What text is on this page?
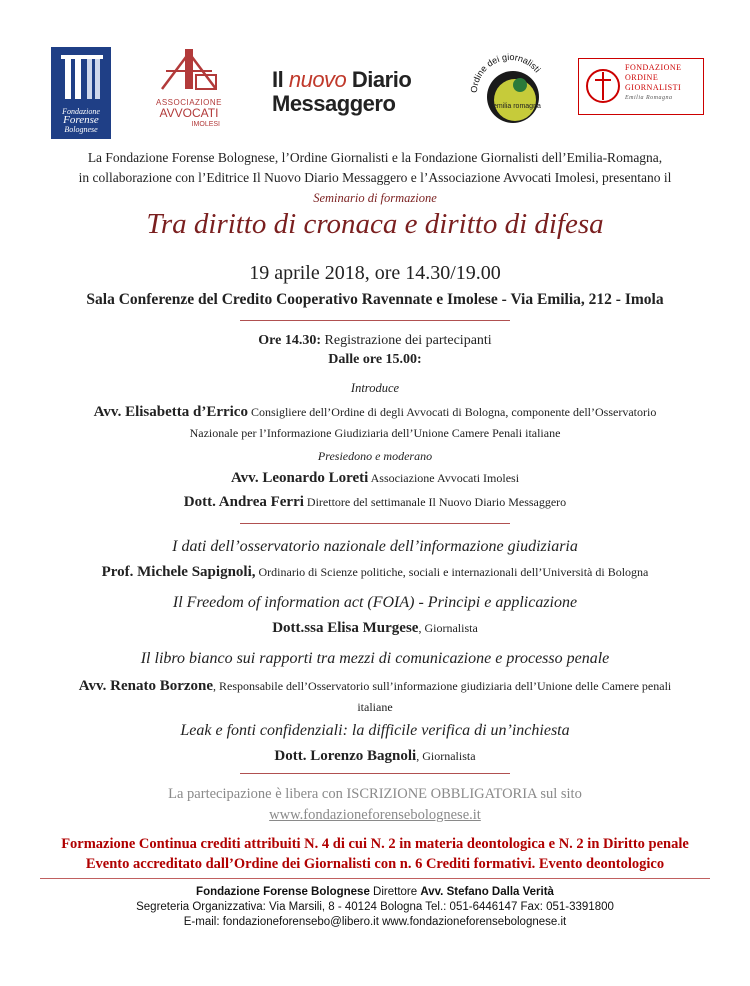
Fondazione
Forense
Bolognese
ASSOCIAZIONE
AVVOCATI
IMOLESI
Il nuovo Diario
Messaggero
Ordine dei giornalisti
emilia romagna
FONDAZIONE
ORDINE
GIORNALISTI
Emilia Romagna
La Fondazione Forense Bolognese, l’Ordine Giornalisti e la Fondazione Giornalisti dell’Emilia-Romagna,
in collaborazione con l’Editrice Il Nuovo Diario Messaggero e l’Associazione Avvocati Imolesi, presentano il
Seminario di formazione
Tra diritto di cronaca e diritto di difesa
19 aprile 2018, ore 14.30/19.00
Sala Conferenze del Credito Cooperativo Ravennate e Imolese - Via Emilia, 212 - Imola
Ore 14.30: Registrazione dei partecipanti
Dalle ore 15.00:
Introduce
Avv. Elisabetta d’Errico Consigliere dell’Ordine di degli Avvocati di Bologna, componente dell’Osservatorio
Nazionale per l’Informazione Giudiziaria dell’Unione Camere Penali italiane
Presiedono e moderano
Avv. Leonardo Loreti Associazione Avvocati Imolesi
Dott. Andrea Ferri Direttore del settimanale Il Nuovo Diario Messaggero
I dati dell’osservatorio nazionale dell’informazione giudiziaria
Prof. Michele Sapignoli, Ordinario di Scienze politiche, sociali e internazionali dell’Università di Bologna
Il Freedom of information act (FOIA) - Principi e applicazione
Dott.ssa Elisa Murgese, Giornalista
Il libro bianco sui rapporti tra mezzi di comunicazione e processo penale
Avv. Renato Borzone, Responsabile dell’Osservatorio sull’informazione giudiziaria dell’Unione delle Camere penali
italiane
Leak e fonti confidenziali: la difficile verifica di un’inchiesta
Dott. Lorenzo Bagnoli, Giornalista
La partecipazione è libera con ISCRIZIONE OBBLIGATORIA sul sito
www.fondazioneforensebolognese.it
Formazione Continua crediti attribuiti N. 4 di cui N. 2 in materia deontologica e N. 2 in Diritto penale
Evento accreditato dall’Ordine dei Giornalisti con n. 6 Crediti formativi. Evento deontologico
Fondazione Forense Bolognese Direttore Avv. Stefano Dalla Verità
Segreteria Organizzativa: Via Marsili, 8 - 40124 Bologna Tel.: 051-6446147 Fax: 051-3391800
E-mail: fondazioneforensebo@libero.it www.fondazioneforensebolognese.it
